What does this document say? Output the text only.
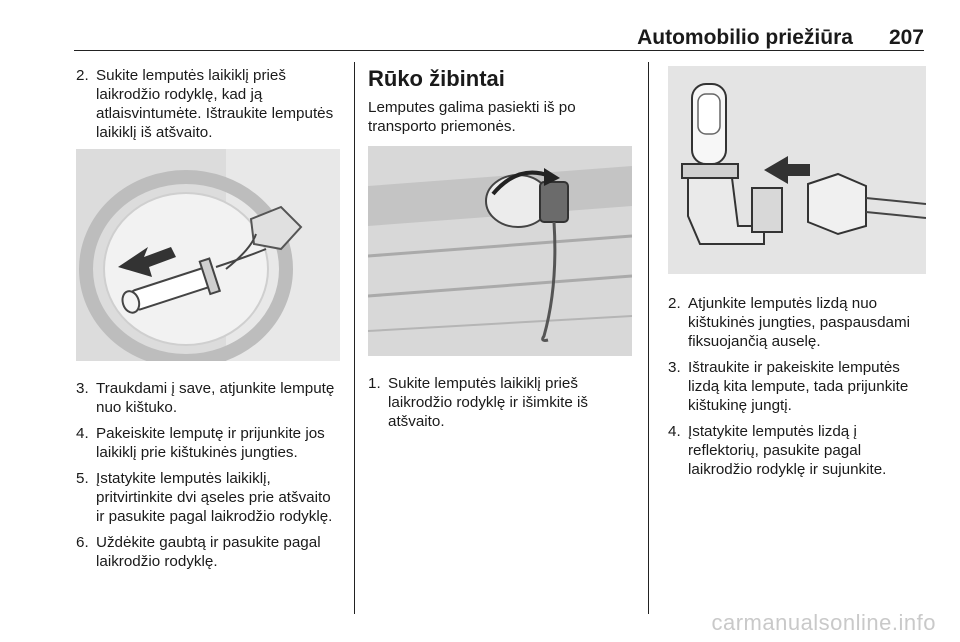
Automobilio priežiūra 207
2. Sukite lemputės laikiklį prieš laikrodžio rodyklę, kad ją atlaisvintumėte. Ištraukite lemputės laikiklį iš atšvaito.
3. Traukdami į save, atjunkite lemputę nuo kištuko.
4. Pakeiskite lemputę ir prijunkite jos laikiklį prie kištukinės jungties.
5. Įstatykite lemputės laikiklį, pritvirtinkite dvi ąseles prie atšvaito ir pasukite pagal laikrodžio rodyklę.
6. Uždėkite gaubtą ir pasukite pagal laikrodžio rodyklę.
Rūko žibintai

Lemputes galima pasiekti iš po transporto priemonės.

1. Sukite lemputės laikiklį prieš laikrodžio rodyklę ir išimkite iš atšvaito.
2. Atjunkite lemputės lizdą nuo kištukinės jungties, paspausdami fiksuojančią auselę.
3. Ištraukite ir pakeiskite lemputės lizdą kita lempute, tada prijunkite kištukinę jungtį.
4. Įstatykite lemputės lizdą į reflektorių, pasukite pagal laikrodžio rodyklę ir sujunkite.
carmanualsonline.info
